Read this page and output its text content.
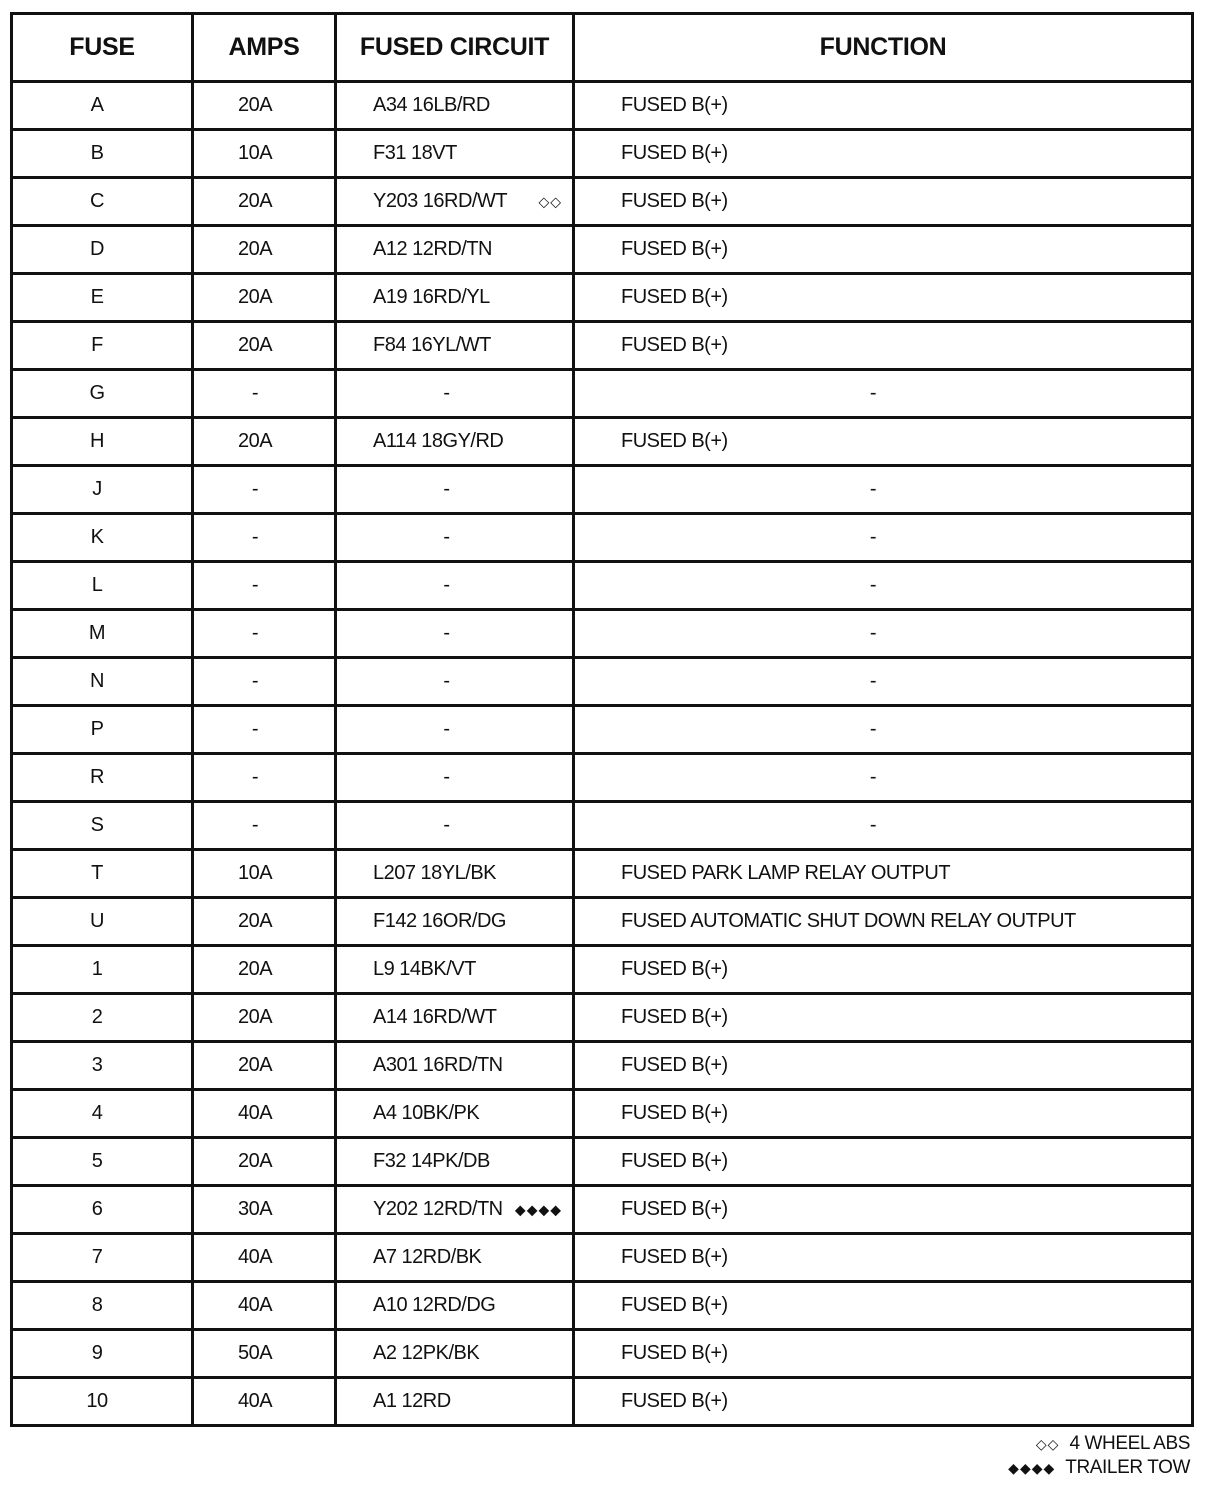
FUSE	AMPS	FUSED CIRCUIT	FUNCTION
A	20A	A34 16LB/RD	FUSED B(+)
B	10A	F31 18VT	FUSED B(+)
C	20A	Y203 16RD/WT ◇◇	FUSED B(+)
D	20A	A12 12RD/TN	FUSED B(+)
E	20A	A19 16RD/YL	FUSED B(+)
F	20A	F84 16YL/WT	FUSED B(+)
G	-	-	-
H	20A	A114 18GY/RD	FUSED B(+)
J	-	-	-
K	-	-	-
L	-	-	-
M	-	-	-
N	-	-	-
P	-	-	-
R	-	-	-
S	-	-	-
T	10A	L207 18YL/BK	FUSED PARK LAMP RELAY OUTPUT
U	20A	F142 16OR/DG	FUSED AUTOMATIC SHUT DOWN RELAY OUTPUT
1	20A	L9 14BK/VT	FUSED B(+)
2	20A	A14 16RD/WT	FUSED B(+)
3	20A	A301 16RD/TN	FUSED B(+)
4	40A	A4 10BK/PK	FUSED B(+)
5	20A	F32 14PK/DB	FUSED B(+)
6	30A	Y202 12RD/TN ◆◆◆◆	FUSED B(+)
7	40A	A7 12RD/BK	FUSED B(+)
8	40A	A10 12RD/DG	FUSED B(+)
9	50A	A2 12PK/BK	FUSED B(+)
10	40A	A1 12RD	FUSED B(+)
◇◇ 4 WHEEL ABS
◆◆◆◆ TRAILER TOW
